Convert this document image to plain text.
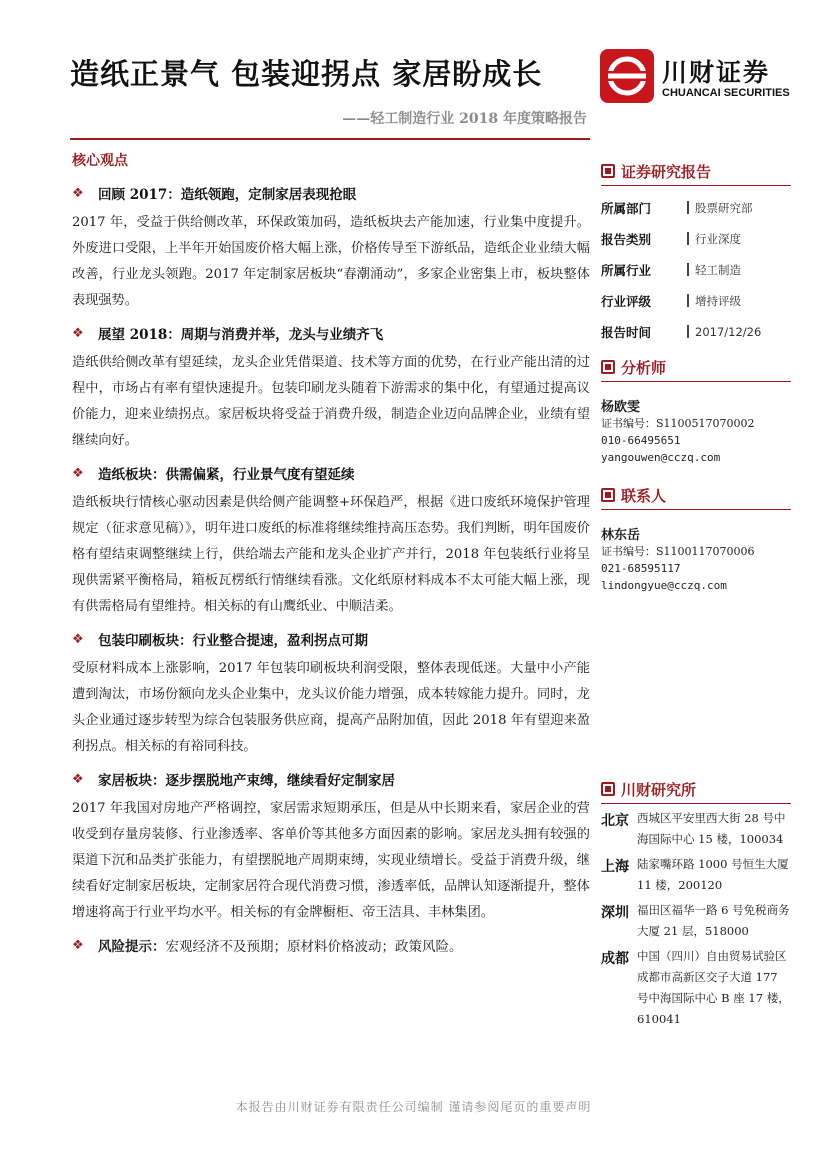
造纸正景气 包装迎拐点 家居盼成长
——轻工制造行业 2018 年度策略报告
川财证券
CHUANCAI SECURITIES
核心观点
❖	回顾 2017：造纸领跑，定制家居表现抢眼
2017 年，受益于供给侧改革，环保政策加码，造纸板块去产能加速，行业集中度提升。外废进口受限，上半年开始国废价格大幅上涨，价格传导至下游纸品，造纸企业业绩大幅改善，行业龙头领跑。2017 年定制家居板块“春潮涌动”，多家企业密集上市，板块整体表现强势。
❖	展望 2018：周期与消费并举，龙头与业绩齐飞
造纸供给侧改革有望延续，龙头企业凭借渠道、技术等方面的优势，在行业产能出清的过程中，市场占有率有望快速提升。包装印刷龙头随着下游需求的集中化，有望通过提高议价能力，迎来业绩拐点。家居板块将受益于消费升级，制造企业迈向品牌企业，业绩有望继续向好。
❖	造纸板块：供需偏紧，行业景气度有望延续
造纸板块行情核心驱动因素是供给侧产能调整+环保趋严，根据《进口废纸环境保护管理规定（征求意见稿）》，明年进口废纸的标准将继续维持高压态势。我们判断，明年国废价格有望结束调整继续上行，供给端去产能和龙头企业扩产并行，2018 年包装纸行业将呈现供需紧平衡格局，箱板瓦楞纸行情继续看涨。文化纸原材料成本不太可能大幅上涨，现有供需格局有望维持。相关标的有山鹰纸业、中顺洁柔。
❖	包装印刷板块：行业整合提速，盈利拐点可期
受原材料成本上涨影响，2017 年包装印刷板块利润受限，整体表现低迷。大量中小产能遭到淘汰，市场份额向龙头企业集中，龙头议价能力增强，成本转嫁能力提升。同时，龙头企业通过逐步转型为综合包装服务供应商，提高产品附加值，因此 2018 年有望迎来盈利拐点。相关标的有裕同科技。
❖	家居板块：逐步摆脱地产束缚，继续看好定制家居
2017 年我国对房地产严格调控，家居需求短期承压，但是从中长期来看，家居企业的营收受到存量房装修、行业渗透率、客单价等其他多方面因素的影响。家居龙头拥有较强的渠道下沉和品类扩张能力，有望摆脱地产周期束缚，实现业绩增长。受益于消费升级，继续看好定制家居板块，定制家居符合现代消费习惯，渗透率低，品牌认知逐渐提升，整体增速将高于行业平均水平。相关标的有金牌橱柜、帝王洁具、丰林集团。
❖	风险提示： 宏观经济不及预期；原材料价格波动；政策风险。
证券研究报告
所属部门	股票研究部
报告类别	行业深度
所属行业	轻工制造
行业评级	增持评级
报告时间	2017/12/26
分析师
杨欧雯
证书编号：S1100517070002
010-66495651
yangouwen@cczq.com
联系人
林东岳
证书编号：S1100117070006
021-68595117
lindongyue@cczq.com
川财研究所
北京 西城区平安里西大街 28 号中海国际中心 15 楼，100034
上海 陆家嘴环路 1000 号恒生大厦 11 楼，200120
深圳 福田区福华一路 6 号免税商务大厦 21 层，518000
成都 中国（四川）自由贸易试验区成都市高新区交子大道 177 号中海国际中心 B 座 17 楼，610041
本报告由川财证券有限责任公司编制 谨请参阅尾页的重要声明
